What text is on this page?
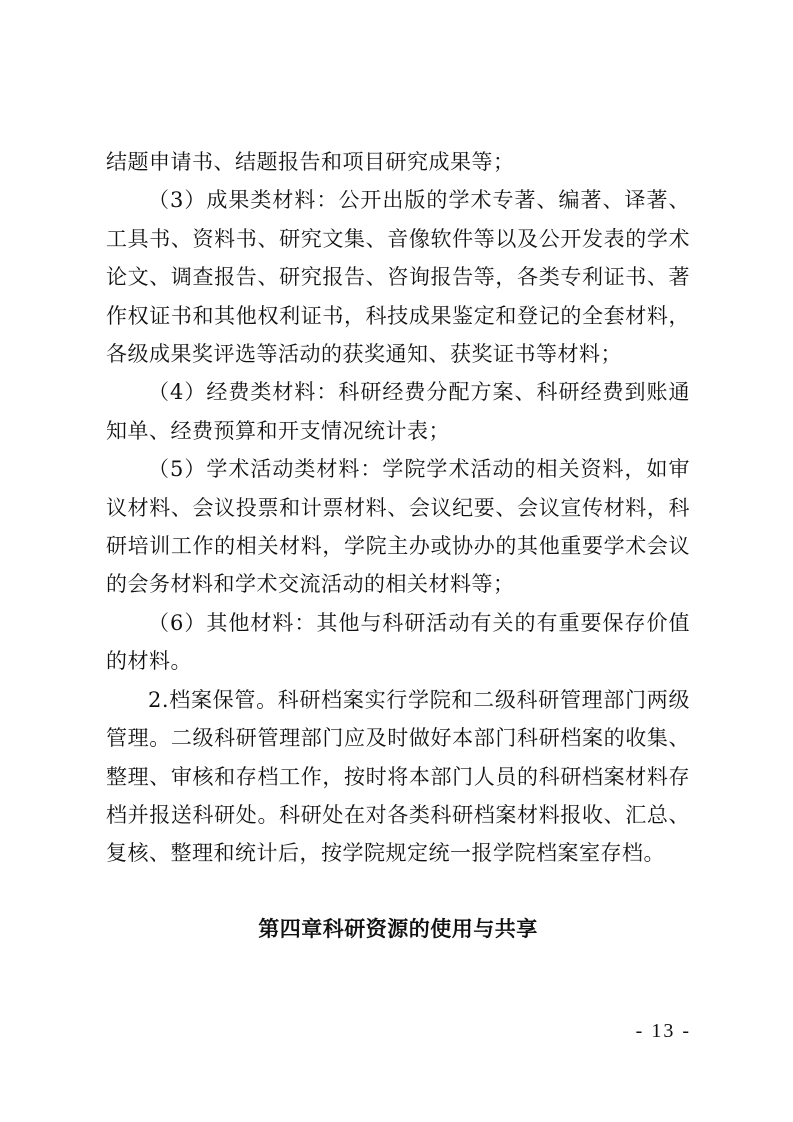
结题申请书、结题报告和项目研究成果等；

（3）成果类材料：公开出版的学术专著、编著、译著、工具书、资料书、研究文集、音像软件等以及公开发表的学术论文、调查报告、研究报告、咨询报告等，各类专利证书、著作权证书和其他权利证书，科技成果鉴定和登记的全套材料，各级成果奖评选等活动的获奖通知、获奖证书等材料；

（4）经费类材料：科研经费分配方案、科研经费到账通知单、经费预算和开支情况统计表；

（5）学术活动类材料：学院学术活动的相关资料，如审议材料、会议投票和计票材料、会议纪要、会议宣传材料，科研培训工作的相关材料，学院主办或协办的其他重要学术会议的会务材料和学术交流活动的相关材料等；

（6）其他材料：其他与科研活动有关的有重要保存价值的材料。

2.档案保管。科研档案实行学院和二级科研管理部门两级管理。二级科研管理部门应及时做好本部门科研档案的收集、整理、审核和存档工作，按时将本部门人员的科研档案材料存档并报送科研处。科研处在对各类科研档案材料报收、汇总、复核、整理和统计后，按学院规定统一报学院档案室存档。

第四章科研资源的使用与共享

- 13 -
